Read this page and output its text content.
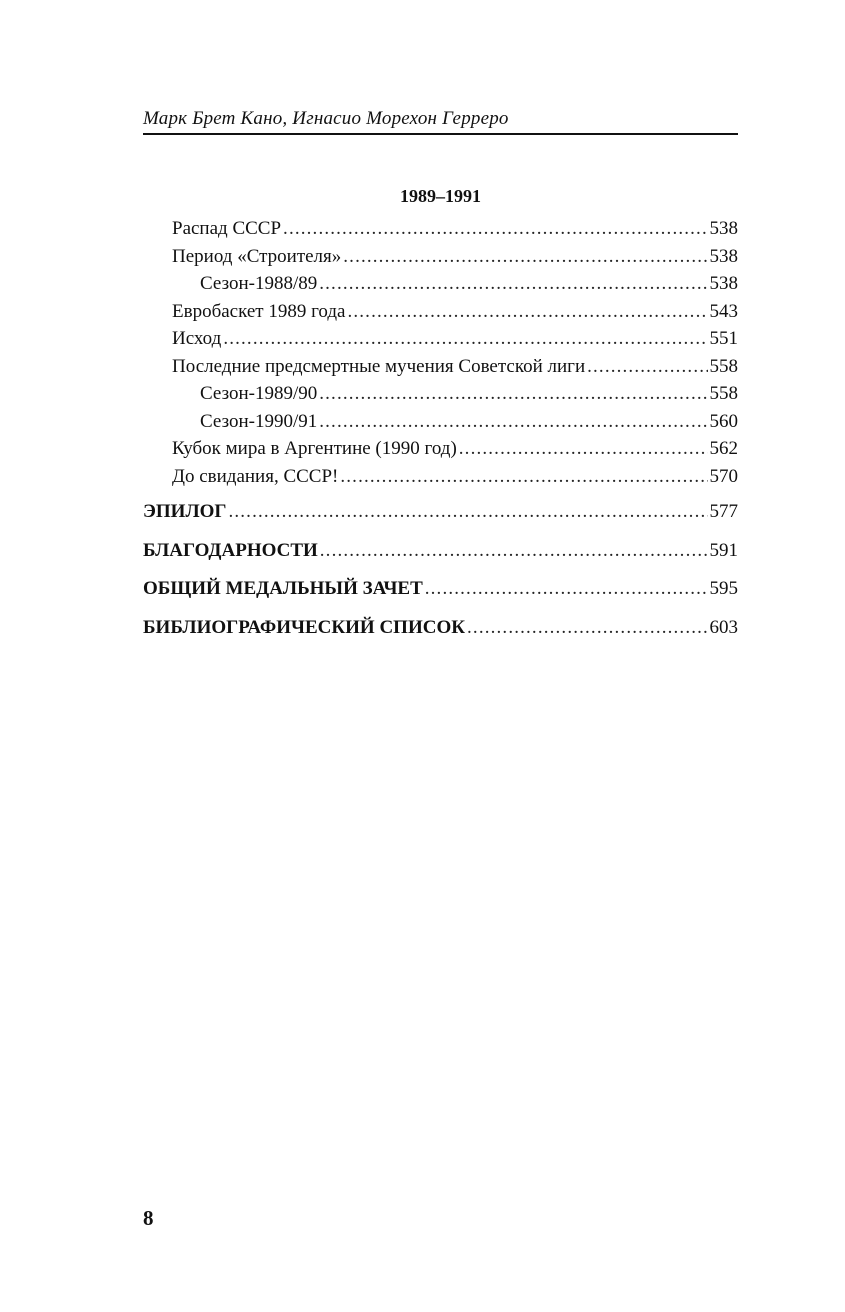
Марк Брет Кано, Игнасио Морехон Герреро
1989–1991
Распад СССР . . .	538
Период «Строителя» . . .	538
Сезон-1988/89 . . .	538
Евробаскет 1989 года . . .	543
Исход . . .	551
Последние предсмертные мучения Советской лиги . . .	558
Сезон-1989/90 . . .	558
Сезон-1990/91 . . .	560
Кубок мира в Аргентине (1990 год) . . .	562
До свидания, СССР! . . .	570
ЭПИЛОГ . . .	577
БЛАГОДАРНОСТИ . . .	591
ОБЩИЙ МЕДАЛЬНЫЙ ЗАЧЕТ . . .	595
БИБЛИОГРАФИЧЕСКИЙ СПИСОК . . .	603
8
